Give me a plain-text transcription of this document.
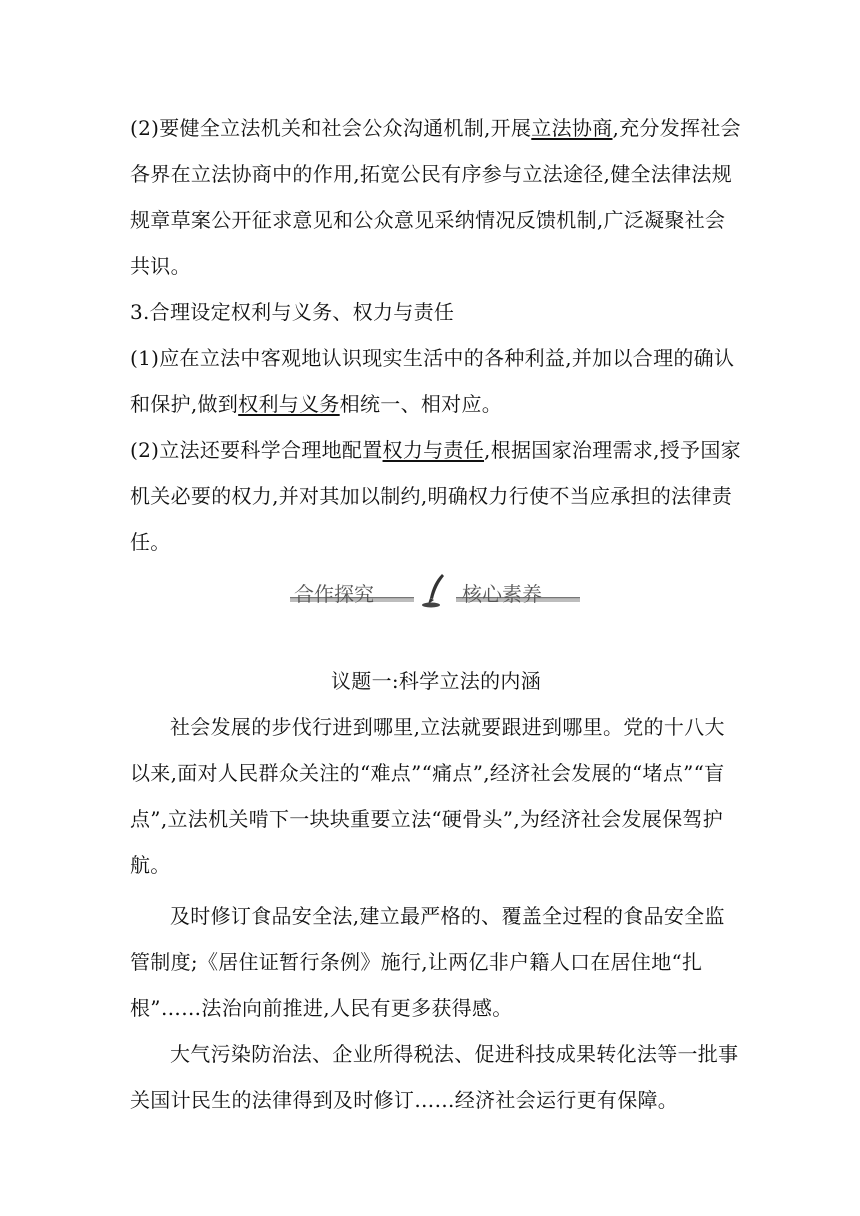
(2)要健全立法机关和社会公众沟通机制,开展立法协商,充分发挥社会各界在立法协商中的作用,拓宽公民有序参与立法途径,健全法律法规规章草案公开征求意见和公众意见采纳情况反馈机制,广泛凝聚社会共识。

3.合理设定权利与义务、权力与责任

(1)应在立法中客观地认识现实生活中的各种利益,并加以合理的确认和保护,做到权利与义务相统一、相对应。

(2)立法还要科学合理地配置权力与责任,根据国家治理需求,授予国家机关必要的权力,并对其加以制约,明确权力行使不当应承担的法律责任。

合作探究	核心素养

议题一:科学立法的内涵

社会发展的步伐行进到哪里,立法就要跟进到哪里。党的十八大以来,面对人民群众关注的“难点”“痛点”,经济社会发展的“堵点”“盲点”,立法机关啃下一块块重要立法“硬骨头”,为经济社会发展保驾护航。

及时修订食品安全法,建立最严格的、覆盖全过程的食品安全监管制度;《居住证暂行条例》施行,让两亿非户籍人口在居住地“扎根”……法治向前推进,人民有更多获得感。

大气污染防治法、企业所得税法、促进科技成果转化法等一批事关国计民生的法律得到及时修订……经济社会运行更有保障。
